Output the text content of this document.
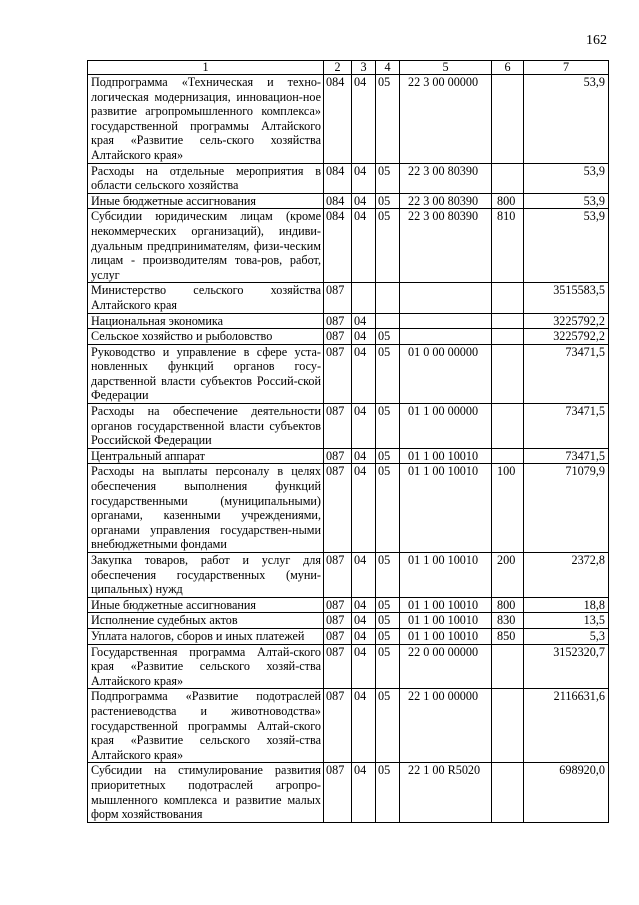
162
1	2	3	4	5	6	7
Подпрограмма «Техническая и техно-логическая модернизация, инновацион-ное развитие агропромышленного комплекса» государственной программы Алтайского края «Развитие сель-ского хозяйства Алтайского края»	084	04	05	22 3 00 00000		53,9
Расходы на отдельные мероприятия в области сельского хозяйства	084	04	05	22 3 00 80390		53,9
Иные бюджетные ассигнования	084	04	05	22 3 00 80390	800	53,9
Субсидии юридическим лицам (кроме некоммерческих организаций), индиви-дуальным предпринимателям, физи-ческим лицам - производителям това-ров, работ, услуг	084	04	05	22 3 00 80390	810	53,9
Министерство сельского хозяйства Алтайского края	087					3515583,5
Национальная экономика	087	04				3225792,2
Сельское хозяйство и рыболовство	087	04	05			3225792,2
Руководство и управление в сфере уста-новленных функций органов госу-дарственной власти субъектов Россий-ской Федерации	087	04	05	01 0 00 00000		73471,5
Расходы на обеспечение деятельности органов государственной власти субъектов Российской Федерации	087	04	05	01 1 00 00000		73471,5
Центральный аппарат	087	04	05	01 1 00 10010		73471,5
Расходы на выплаты персоналу в целях обеспечения выполнения функций государственными (муниципальными) органами, казенными учреждениями, органами управления государствен-ными внебюджетными фондами	087	04	05	01 1 00 10010	100	71079,9
Закупка товаров, работ и услуг для обеспечения государственных (муни-ципальных) нужд	087	04	05	01 1 00 10010	200	2372,8
Иные бюджетные ассигнования	087	04	05	01 1 00 10010	800	18,8
Исполнение судебных актов	087	04	05	01 1 00 10010	830	13,5
Уплата налогов, сборов и иных платежей	087	04	05	01 1 00 10010	850	5,3
Государственная программа Алтай-ского края «Развитие сельского хозяй-ства Алтайского края»	087	04	05	22 0 00 00000		3152320,7
Подпрограмма «Развитие подотраслей растениеводства и животноводства» государственной программы Алтай-ского края «Развитие сельского хозяй-ства Алтайского края»	087	04	05	22 1 00 00000		2116631,6
Субсидии на стимулирование развития приоритетных подотраслей агропро-мышленного комплекса и развитие малых форм хозяйствования	087	04	05	22 1 00 R5020		698920,0
